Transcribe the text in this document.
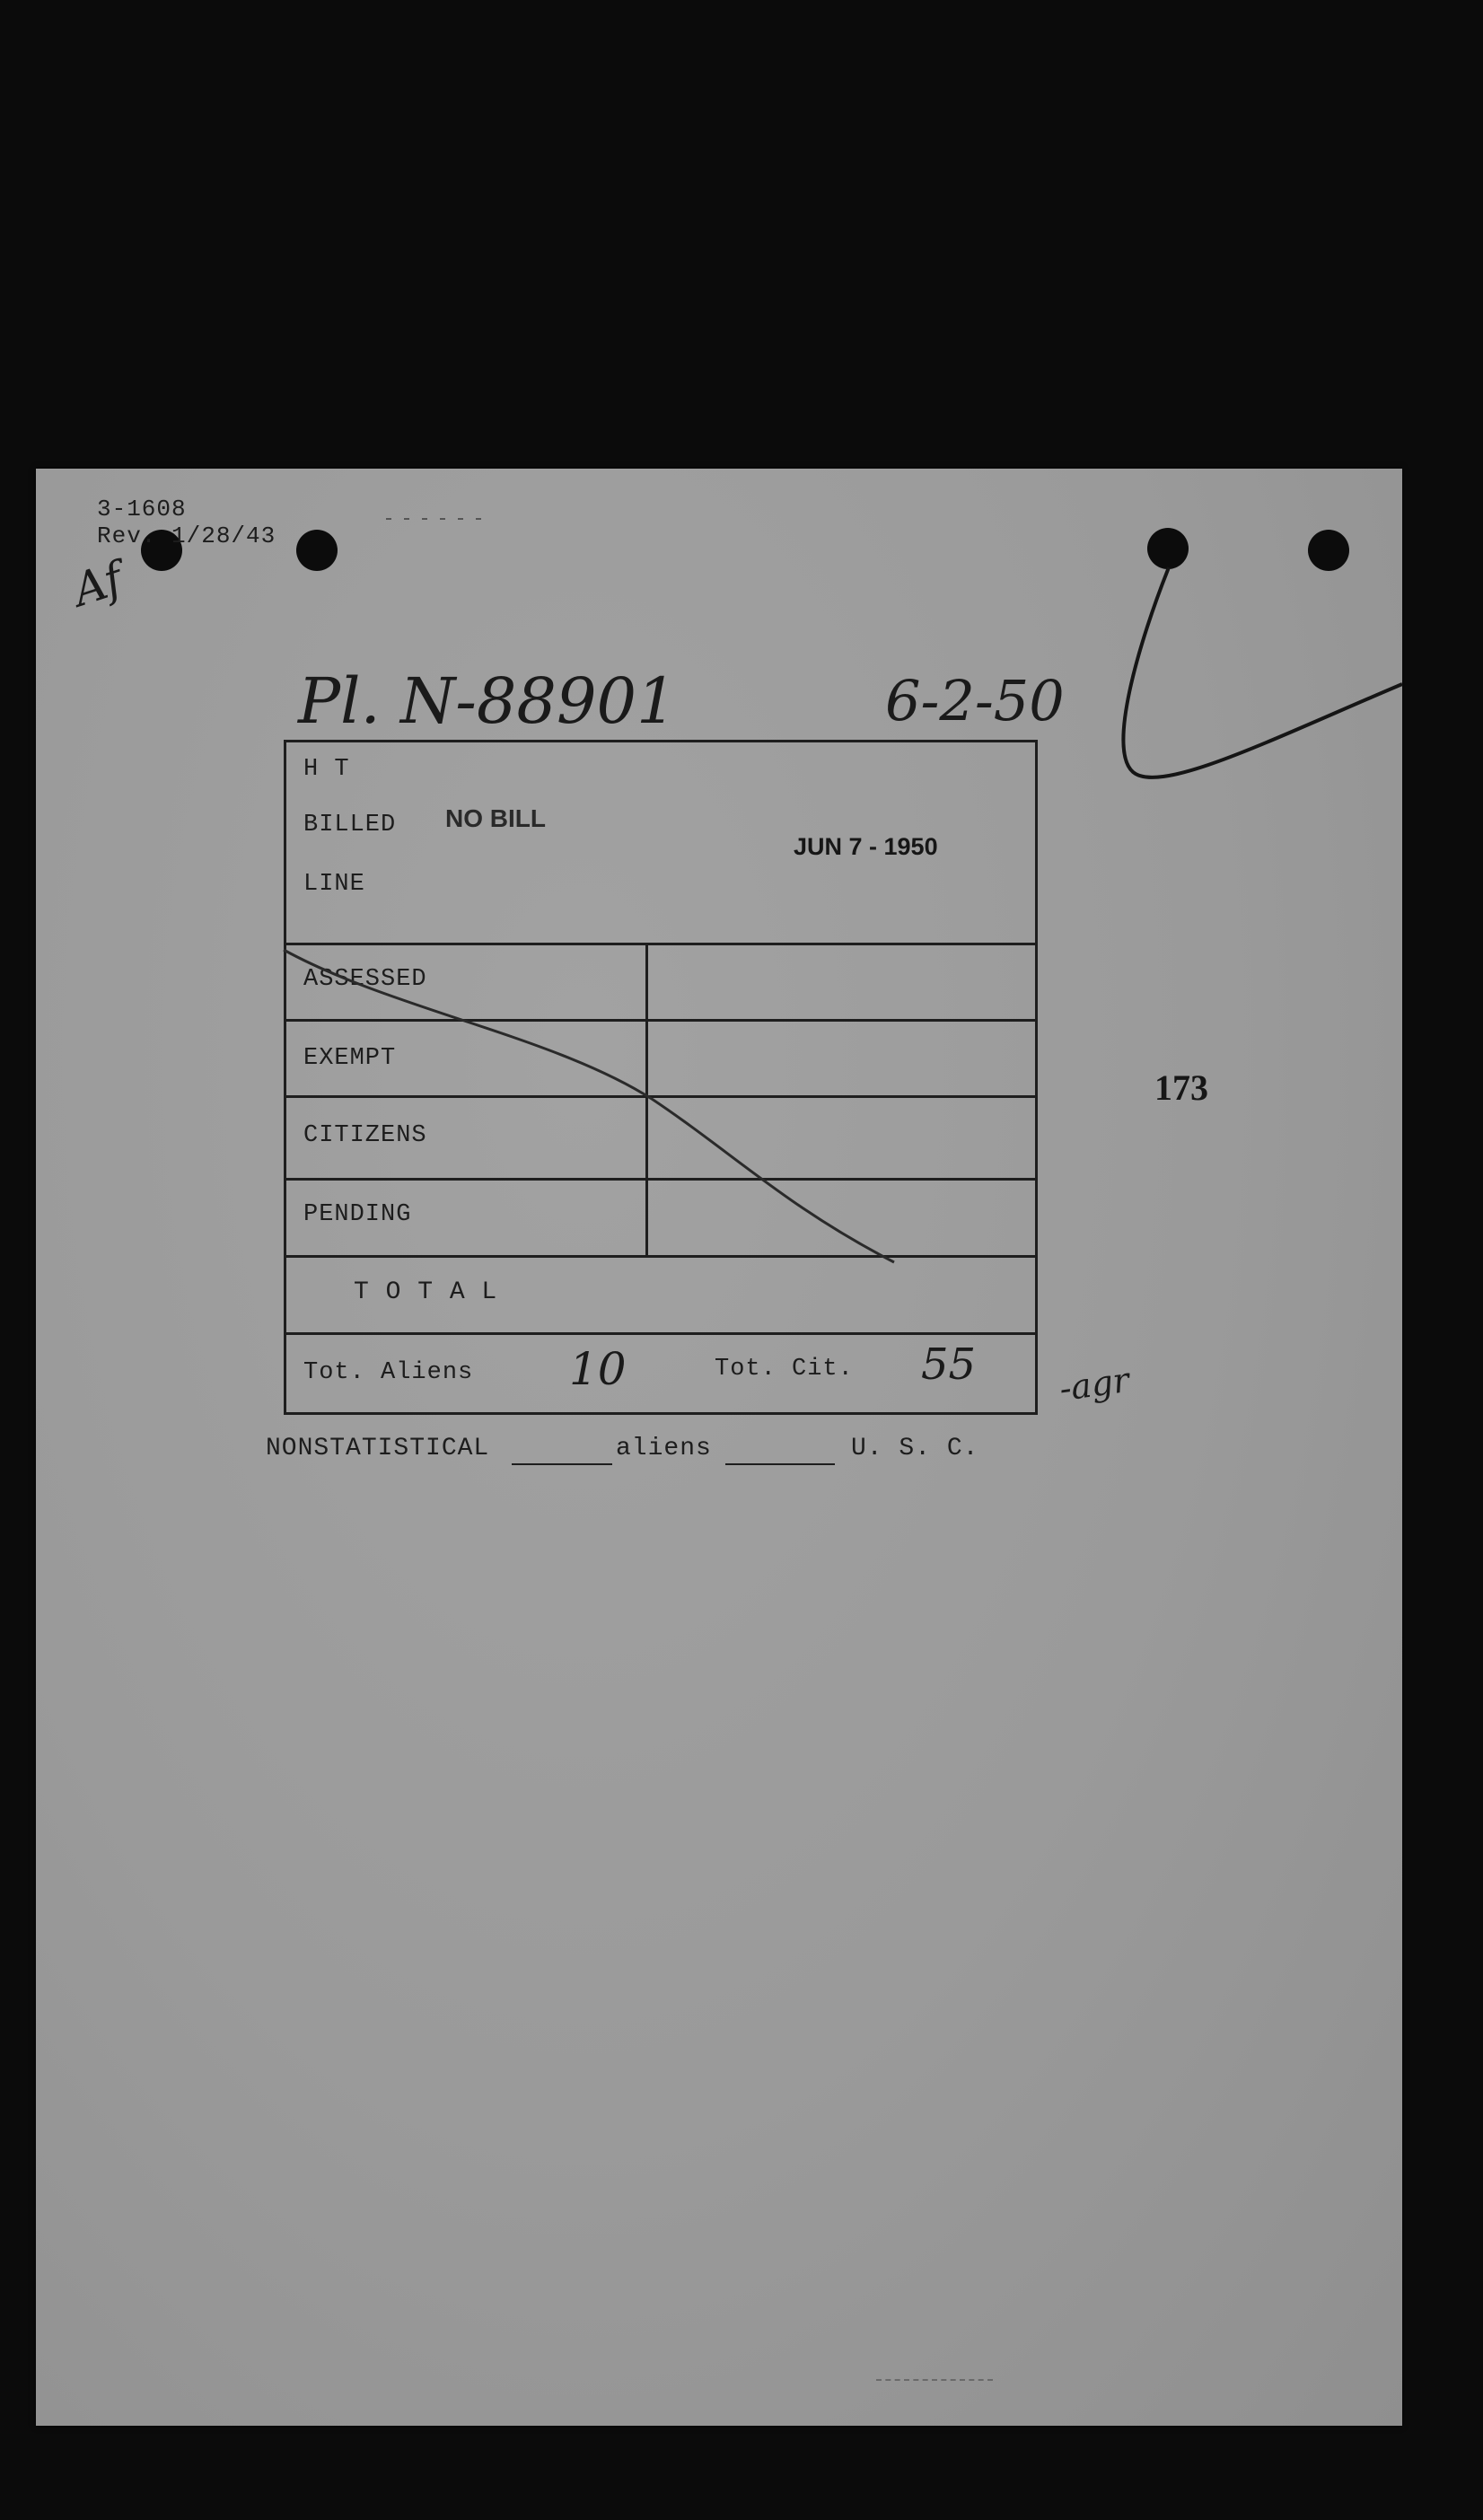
3-1608
Rev. 1/28/43
Af
Pl. N-88901	6-2-50
H T
BILLED
LINE
NO BILL
JUN 7 - 1950
ASSESSED
EXEMPT
CITIZENS
PENDING
T O T A L
Tot. Aliens 10	Tot. Cit. 55
173
-agr
NONSTATISTICAL	aliens	U. S. C.
